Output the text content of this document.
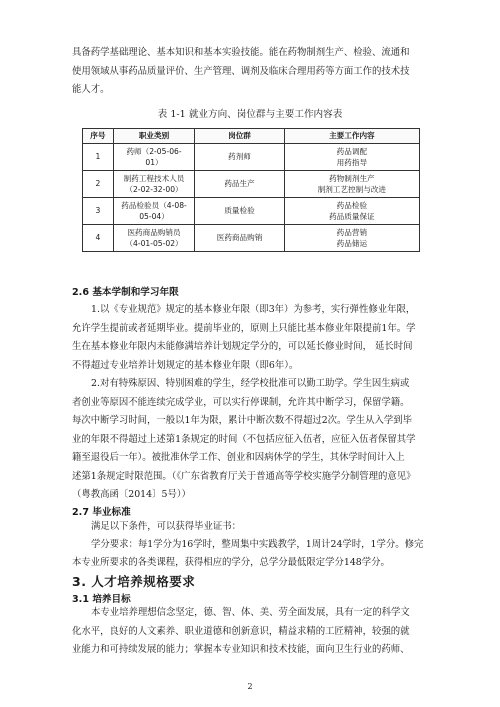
具备药学基础理论、基本知识和基本实验技能。能在药物制剂生产、检验、流通和
使用领域从事药品质量评价、生产管理、调剂及临床合理用药等方面工作的技术技
能人才。

表 1-1 就业方向、岗位群与主要工作内容表

序号	职业类别	岗位群	主要工作内容
1	药师（2-05-06-
01）	药剂师	药品调配
用药指导

2	制药工程技术人员
（2-02-32-00）	药品生产	药物制剂生产
制剂工艺控制与改进

3	药品检验员（4-08-
05-04）	质量检验	药品检验
药品质量保证

4	医药商品购销员
（4-01-05-02）	医药商品购销	药品营销
药品储运
2.6 基本学制和学习年限

1.以《专业规范》规定的基本修业年限（即3年）为参考，实行弹性修业年限，
允许学生提前或者延期毕业。提前毕业的，原则上只能比基本修业年限提前1年。学
生在基本修业年限内未能修满培养计划规定学分的，可以延长修业时间， 延长时间
不得超过专业培养计划规定的基本修业年限（即6年）。

2.对有特殊原因、特别困难的学生，经学校批准可以勤工助学。学生因生病或
者创业等原因不能连续完成学业，可以实行停课制，允许其中断学习，保留学籍。
每次中断学习时间，一般以1年为限，累计中断次数不得超过2次。学生从入学到毕
业的年限不得超过上述第1条规定的时间（不包括应征入伍者，应征入伍者保留其学
籍至退役后一年）。被批准休学工作、创业和因病休学的学生，其休学时间计入上
述第1条规定时限范围。（《广东省教育厅关于普通高等学校实施学分制管理的意见》
（粤教高函〔2014〕5号））

2.7 毕业标准

满足以下条件，可以获得毕业证书：

学分要求：每1学分为16学时，整周集中实践教学，1周计24学时，1学分。修完

本专业所要求的各类课程，获得相应的学分，总学分最低限定学分148学分。

3. 人才培养规格要求
3.1 培养目标

本专业培养理想信念坚定，德、智、体、美、劳全面发展，具有一定的科学文
化水平，良好的人文素养、职业道德和创新意识，精益求精的工匠精神，较强的就
业能力和可持续发展的能力；掌握本专业知识和技术技能，面向卫生行业的药师、

2
